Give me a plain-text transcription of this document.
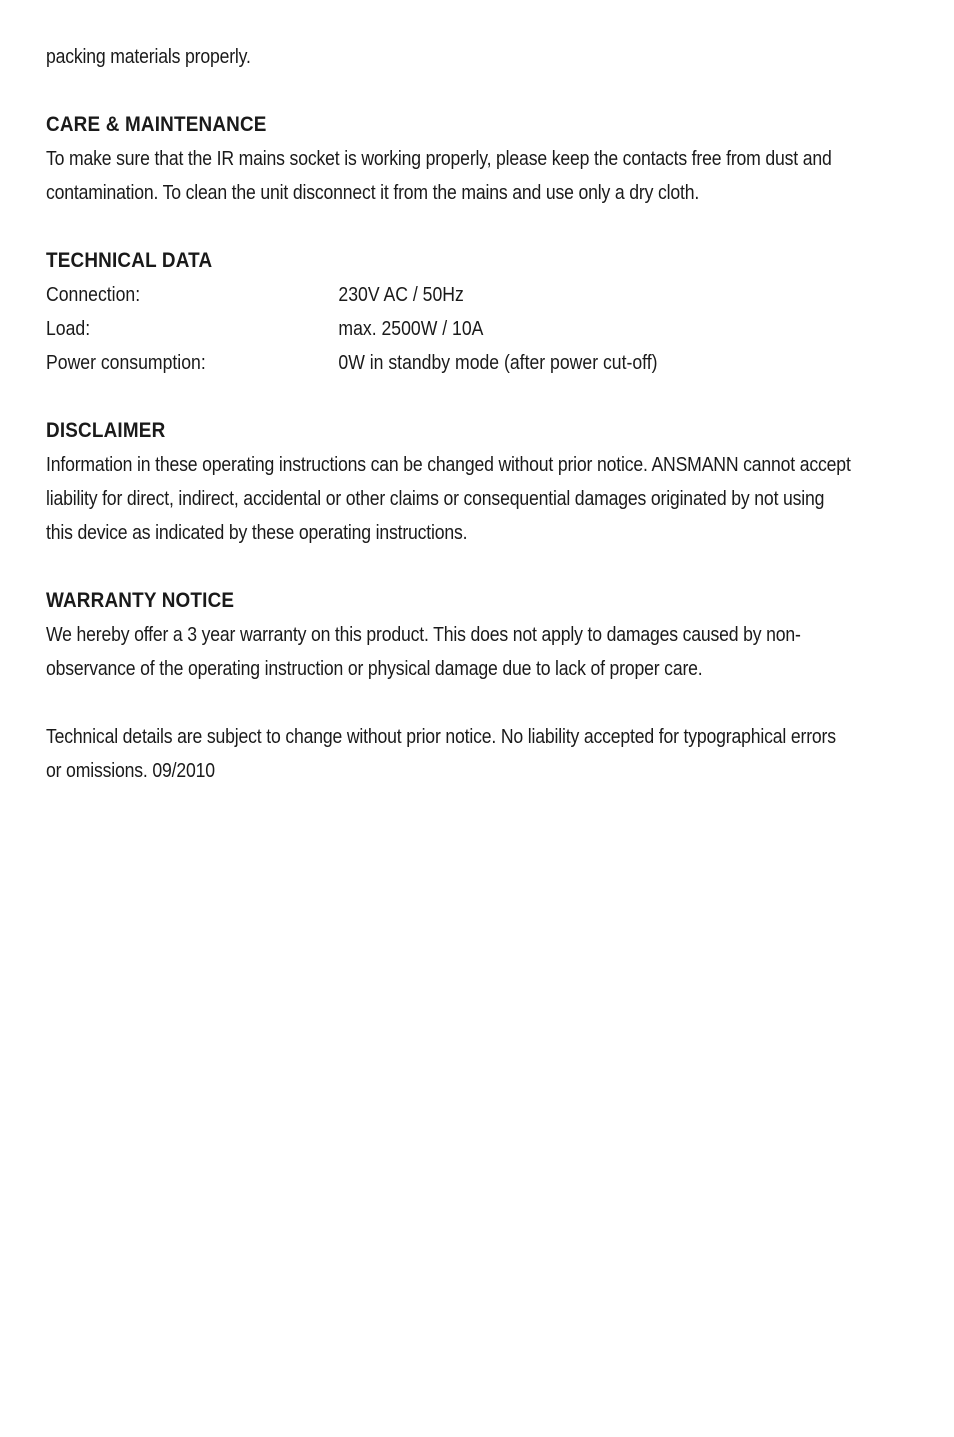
packing materials properly.
CARE & MAINTENANCE
To make sure that the IR mains socket is working properly, please keep the contacts free from dust and
contamination. To clean the unit disconnect it from the mains and use only a dry cloth.
TECHNICAL DATA
Connection:	230V AC / 50Hz
Load:	max. 2500W / 10A
Power consumption:	0W in standby mode (after power cut-off)
DISCLAIMER
Information in these operating instructions can be changed without prior notice. ANSMANN cannot accept
liability for direct, indirect, accidental or other claims or consequential damages originated by not using
this device as indicated by these operating instructions.
WARRANTY NOTICE
We hereby offer a 3 year warranty on this product. This does not apply to damages caused by non-
observance of the operating instruction or physical damage due to lack of proper care.
Technical details are subject to change without prior notice. No liability accepted for typographical errors
or omissions. 09/2010
